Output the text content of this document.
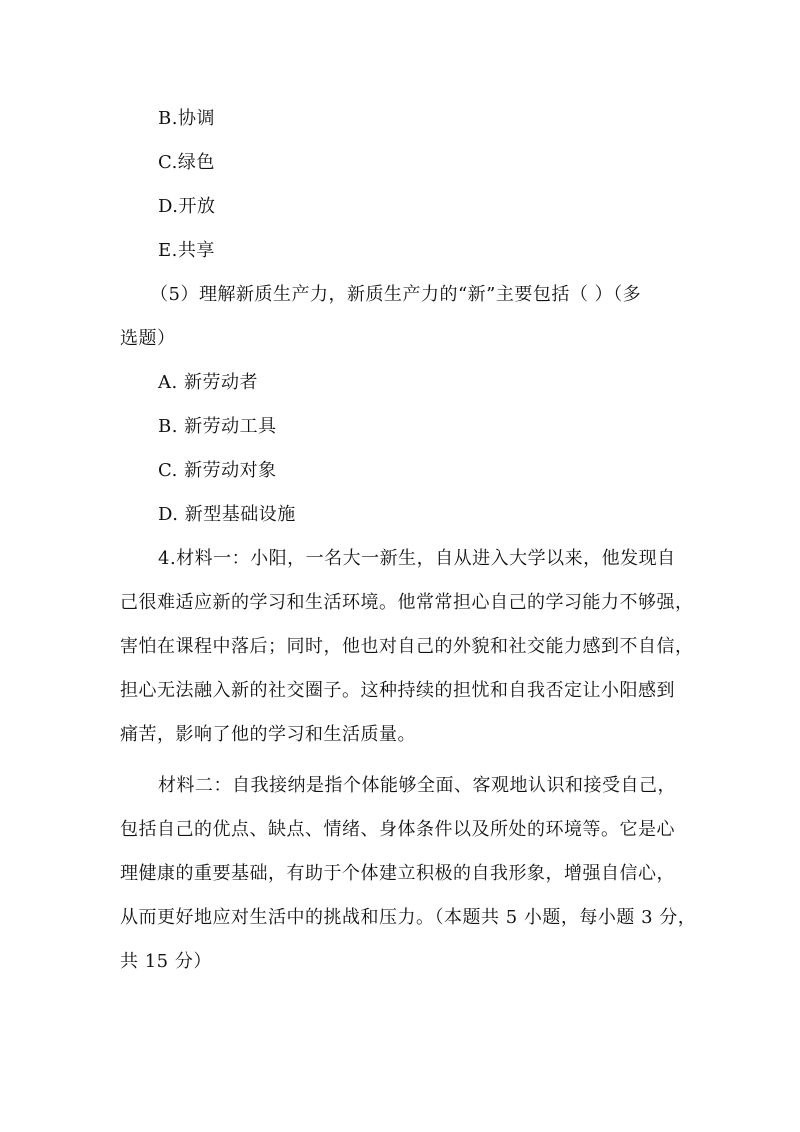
B.协调
C.绿色
D.开放
E.共享
（5）理解新质生产力，新质生产力的“新”主要包括（ ）（多
选题）
A. 新劳动者
B. 新劳动工具
C. 新劳动对象
D. 新型基础设施
4.材料一：小阳，一名大一新生，自从进入大学以来，他发现自
己很难适应新的学习和生活环境。他常常担心自己的学习能力不够强，
害怕在课程中落后；同时，他也对自己的外貌和社交能力感到不自信，
担心无法融入新的社交圈子。这种持续的担忧和自我否定让小阳感到
痛苦，影响了他的学习和生活质量。
材料二：自我接纳是指个体能够全面、客观地认识和接受自己，
包括自己的优点、缺点、情绪、身体条件以及所处的环境等。它是心
理健康的重要基础，有助于个体建立积极的自我形象，增强自信心，
从而更好地应对生活中的挑战和压力。（本题共 5 小题，每小题 3 分，
共 15 分）
